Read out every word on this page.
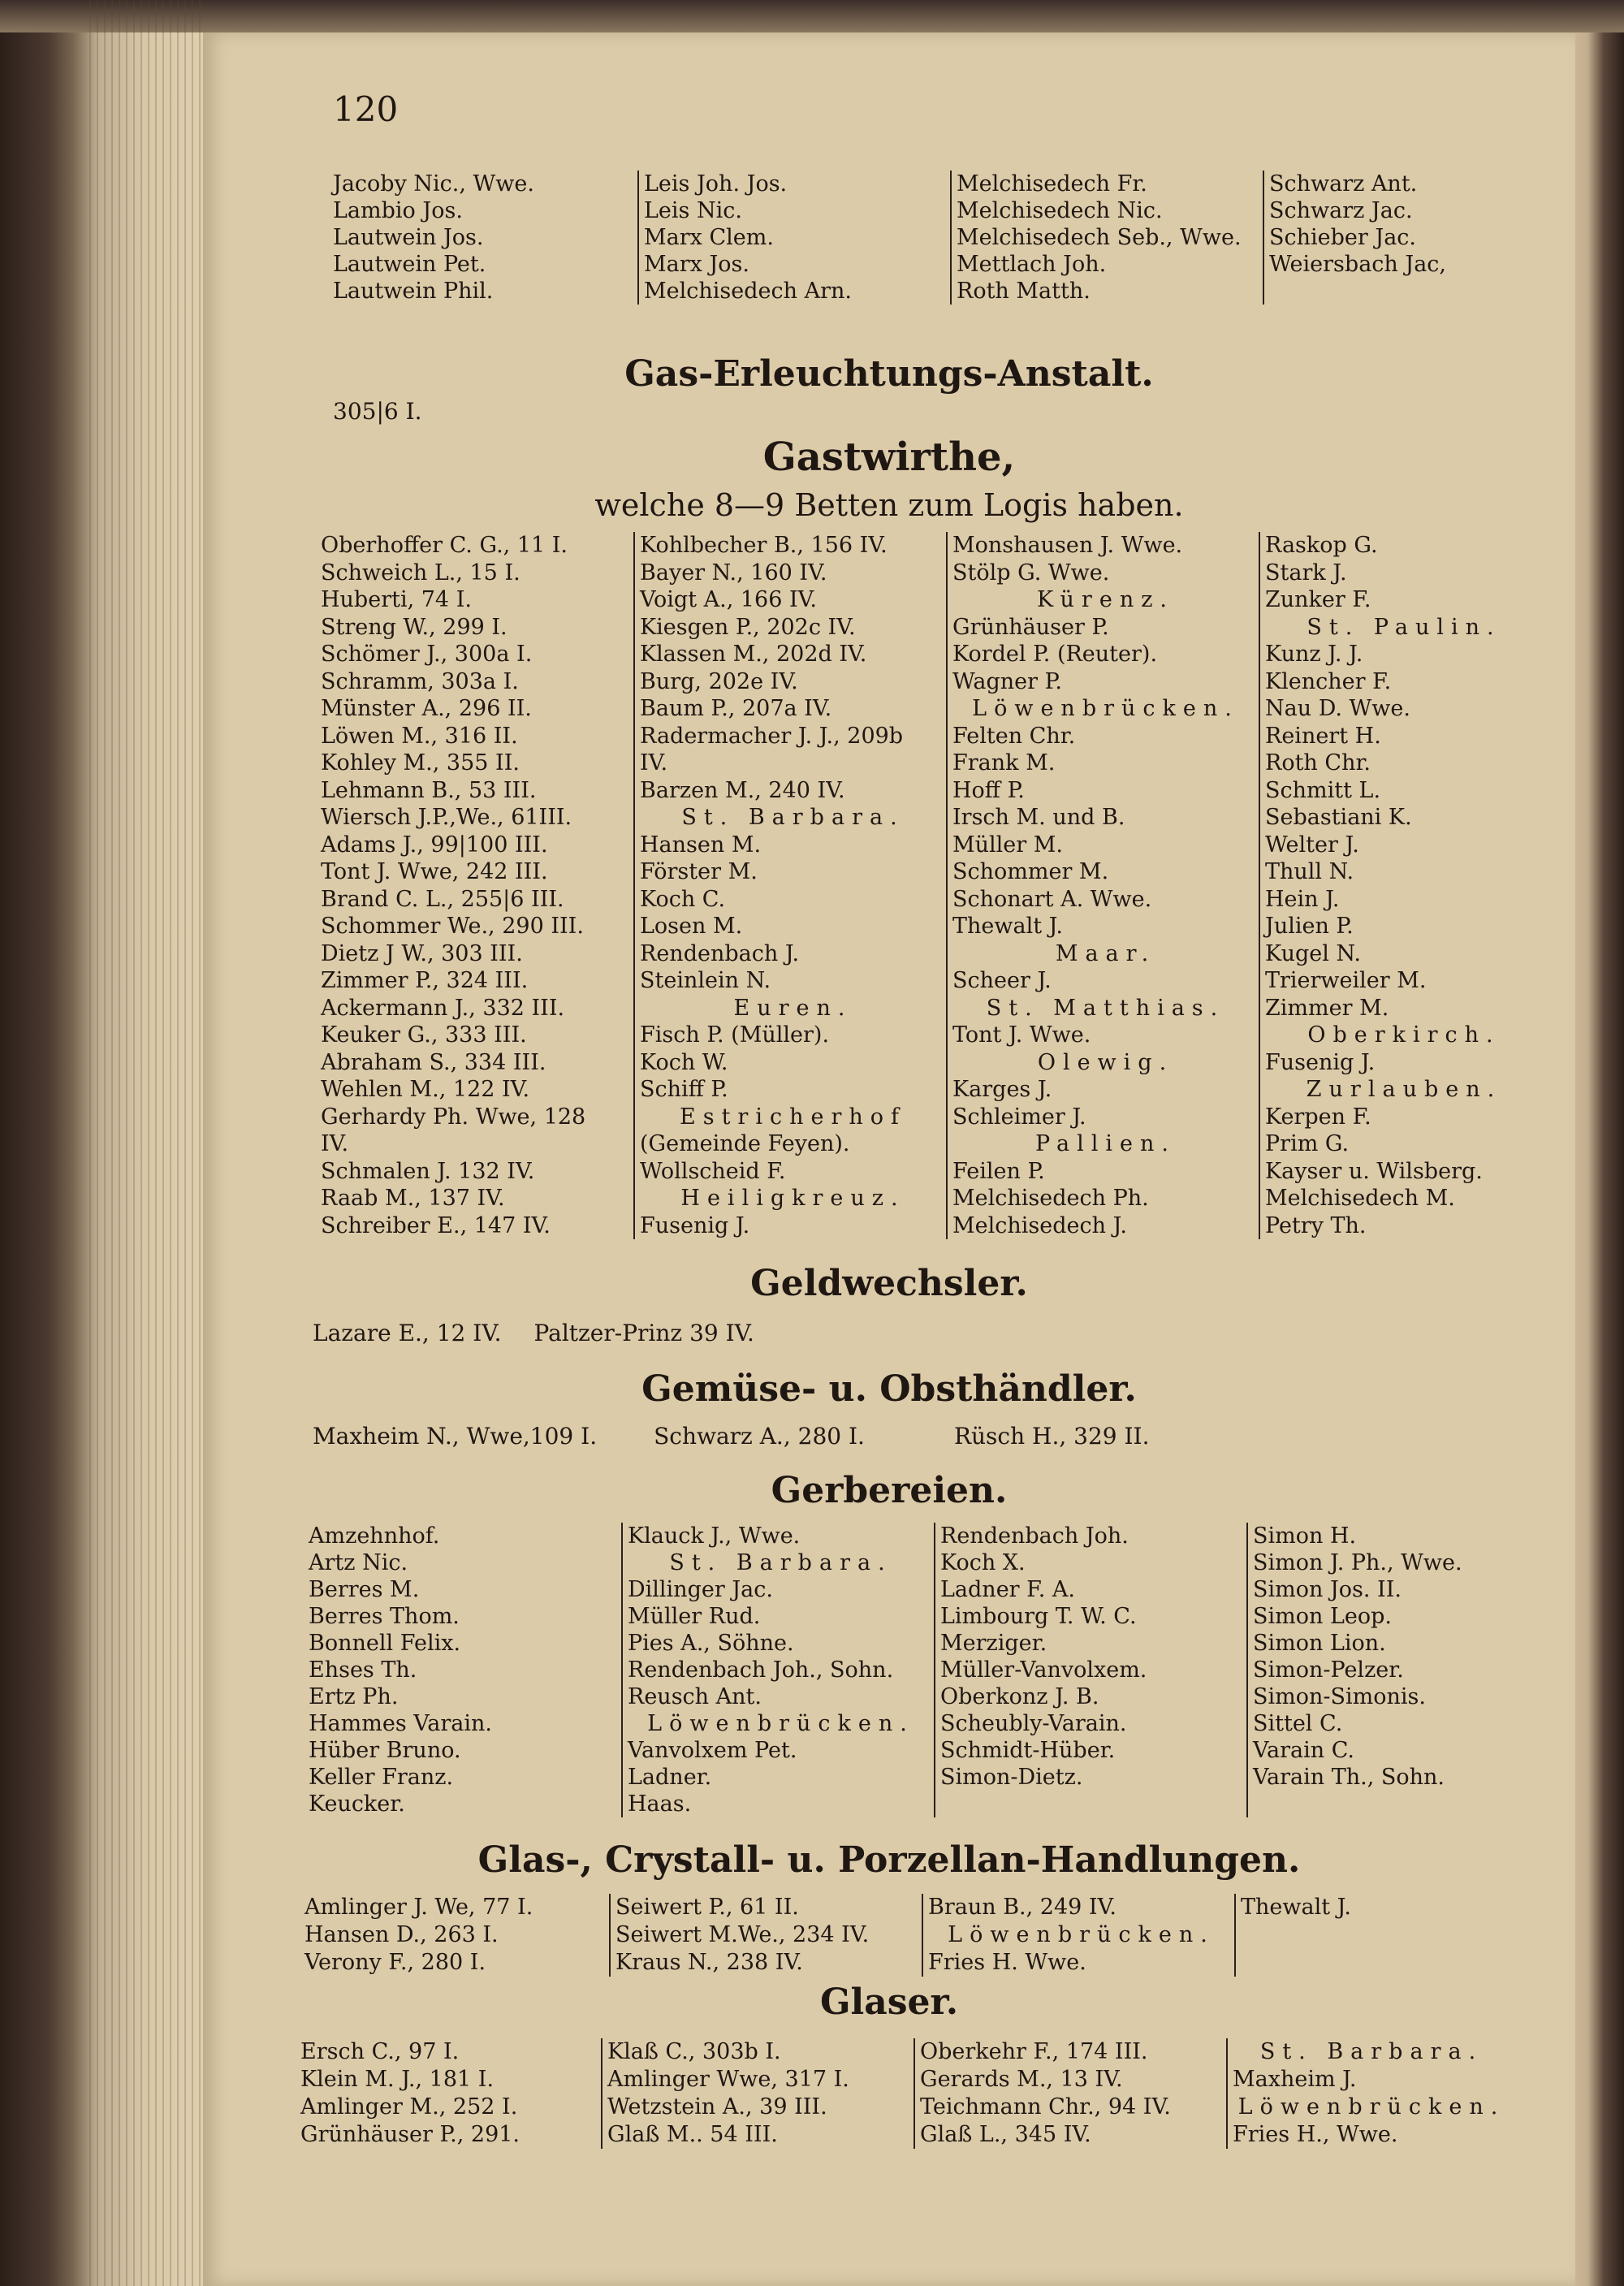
120
Jacoby Nic., Wwe.
Lambio Jos.
Lautwein Jos.
Lautwein Pet.
Lautwein Phil.
Leis Joh. Jos.
Leis Nic.
Marx Clem.
Marx Jos.
Melchisedech Arn.
Melchisedech Fr.
Melchisedech Nic.
Melchisedech Seb., Wwe.
Mettlach Joh.
Roth Matth.
Schwarz Ant.
Schwarz Jac.
Schieber Jac.
Weiersbach Jac,
Gas-Erleuchtungs-Anstalt.
305|6 I.
Gastwirthe,
welche 8—9 Betten zum Logis haben.
Oberhoffer C. G., 11 I.
Schweich L., 15 I.
Huberti, 74 I.
Streng W., 299 I.
Schömer J., 300a I.
Schramm, 303a I.
Münster A., 296 II.
Löwen M., 316 II.
Kohley M., 355 II.
Lehmann B., 53 III.
Wiersch J.P.,We., 61III.
Adams J., 99|100 III.
Tont J. Wwe, 242 III.
Brand C. L., 255|6 III.
Schommer We., 290 III.
Dietz J W., 303 III.
Zimmer P., 324 III.
Ackermann J., 332 III.
Keuker G., 333 III.
Abraham S., 334 III.
Wehlen M., 122 IV.
Gerhardy Ph. Wwe, 128
IV.
Schmalen J. 132 IV.
Raab M., 137 IV.
Schreiber E., 147 IV.
Kohlbecher B., 156 IV.
Bayer N., 160 IV.
Voigt A., 166 IV.
Kiesgen P., 202c IV.
Klassen M., 202d IV.
Burg, 202e IV.
Baum P., 207a IV.
Radermacher J. J., 209b
IV.
Barzen M., 240 IV.
St. Barbara.
Hansen M.
Förster M.
Koch C.
Losen M.
Rendenbach J.
Steinlein N.
Euren.
Fisch P. (Müller).
Koch W.
Schiff P.
Estricherhof
(Gemeinde Feyen).
Wollscheid F.
Heiligkreuz.
Fusenig J.
Monshausen J. Wwe.
Stölp G. Wwe.
Kürenz.
Grünhäuser P.
Kordel P. (Reuter).
Wagner P.
Löwenbrücken.
Felten Chr.
Frank M.
Hoff P.
Irsch M. und B.
Müller M.
Schommer M.
Schonart A. Wwe.
Thewalt J.
Maar.
Scheer J.
St. Matthias.
Tont J. Wwe.
Olewig.
Karges J.
Schleimer J.
Pallien.
Feilen P.
Melchisedech Ph.
Melchisedech J.
Raskop G.
Stark J.
Zunker F.
St. Paulin.
Kunz J. J.
Klencher F.
Nau D. Wwe.
Reinert H.
Roth Chr.
Schmitt L.
Sebastiani K.
Welter J.
Thull N.
Hein J.
Julien P.
Kugel N.
Trierweiler M.
Zimmer M.
Oberkirch.
Fusenig J.
Zurlauben.
Kerpen F.
Prim G.
Kayser u. Wilsberg.
Melchisedech M.
Petry Th.
Geldwechsler.
Lazare E., 12 IV. Paltzer-Prinz 39 IV.
Gemüse- u. Obsthändler.
Maxheim N., Wwe,109 I.	Schwarz A., 280 I.	Rüsch H., 329 II.
Gerbereien.
Amzehnhof.
Artz Nic.
Berres M.
Berres Thom.
Bonnell Felix.
Ehses Th.
Ertz Ph.
Hammes Varain.
Hüber Bruno.
Keller Franz.
Keucker.
Klauck J., Wwe.
St. Barbara.
Dillinger Jac.
Müller Rud.
Pies A., Söhne.
Rendenbach Joh., Sohn.
Reusch Ant.
Löwenbrücken.
Vanvolxem Pet.
Ladner.
Haas.
Rendenbach Joh.
Koch X.
Ladner F. A.
Limbourg T. W. C.
Merziger.
Müller-Vanvolxem.
Oberkonz J. B.
Scheubly-Varain.
Schmidt-Hüber.
Simon-Dietz.
Simon H.
Simon J. Ph., Wwe.
Simon Jos. II.
Simon Leop.
Simon Lion.
Simon-Pelzer.
Simon-Simonis.
Sittel C.
Varain C.
Varain Th., Sohn.
Glas-, Crystall- u. Porzellan-Handlungen.
Amlinger J. We, 77 I.
Hansen D., 263 I.
Verony F., 280 I.
Seiwert P., 61 II.
Seiwert M.We., 234 IV.
Kraus N., 238 IV.
Braun B., 249 IV.
Löwenbrücken.
Fries H. Wwe.
Thewalt J.
Glaser.
Ersch C., 97 I.
Klein M. J., 181 I.
Amlinger M., 252 I.
Grünhäuser P., 291.
Klaß C., 303b I.
Amlinger Wwe, 317 I.
Wetzstein A., 39 III.
Glaß M.. 54 III.
Oberkehr F., 174 III.
Gerards M., 13 IV.
Teichmann Chr., 94 IV.
Glaß L., 345 IV.
St. Barbara.
Maxheim J.
Löwenbrücken.
Fries H., Wwe.
